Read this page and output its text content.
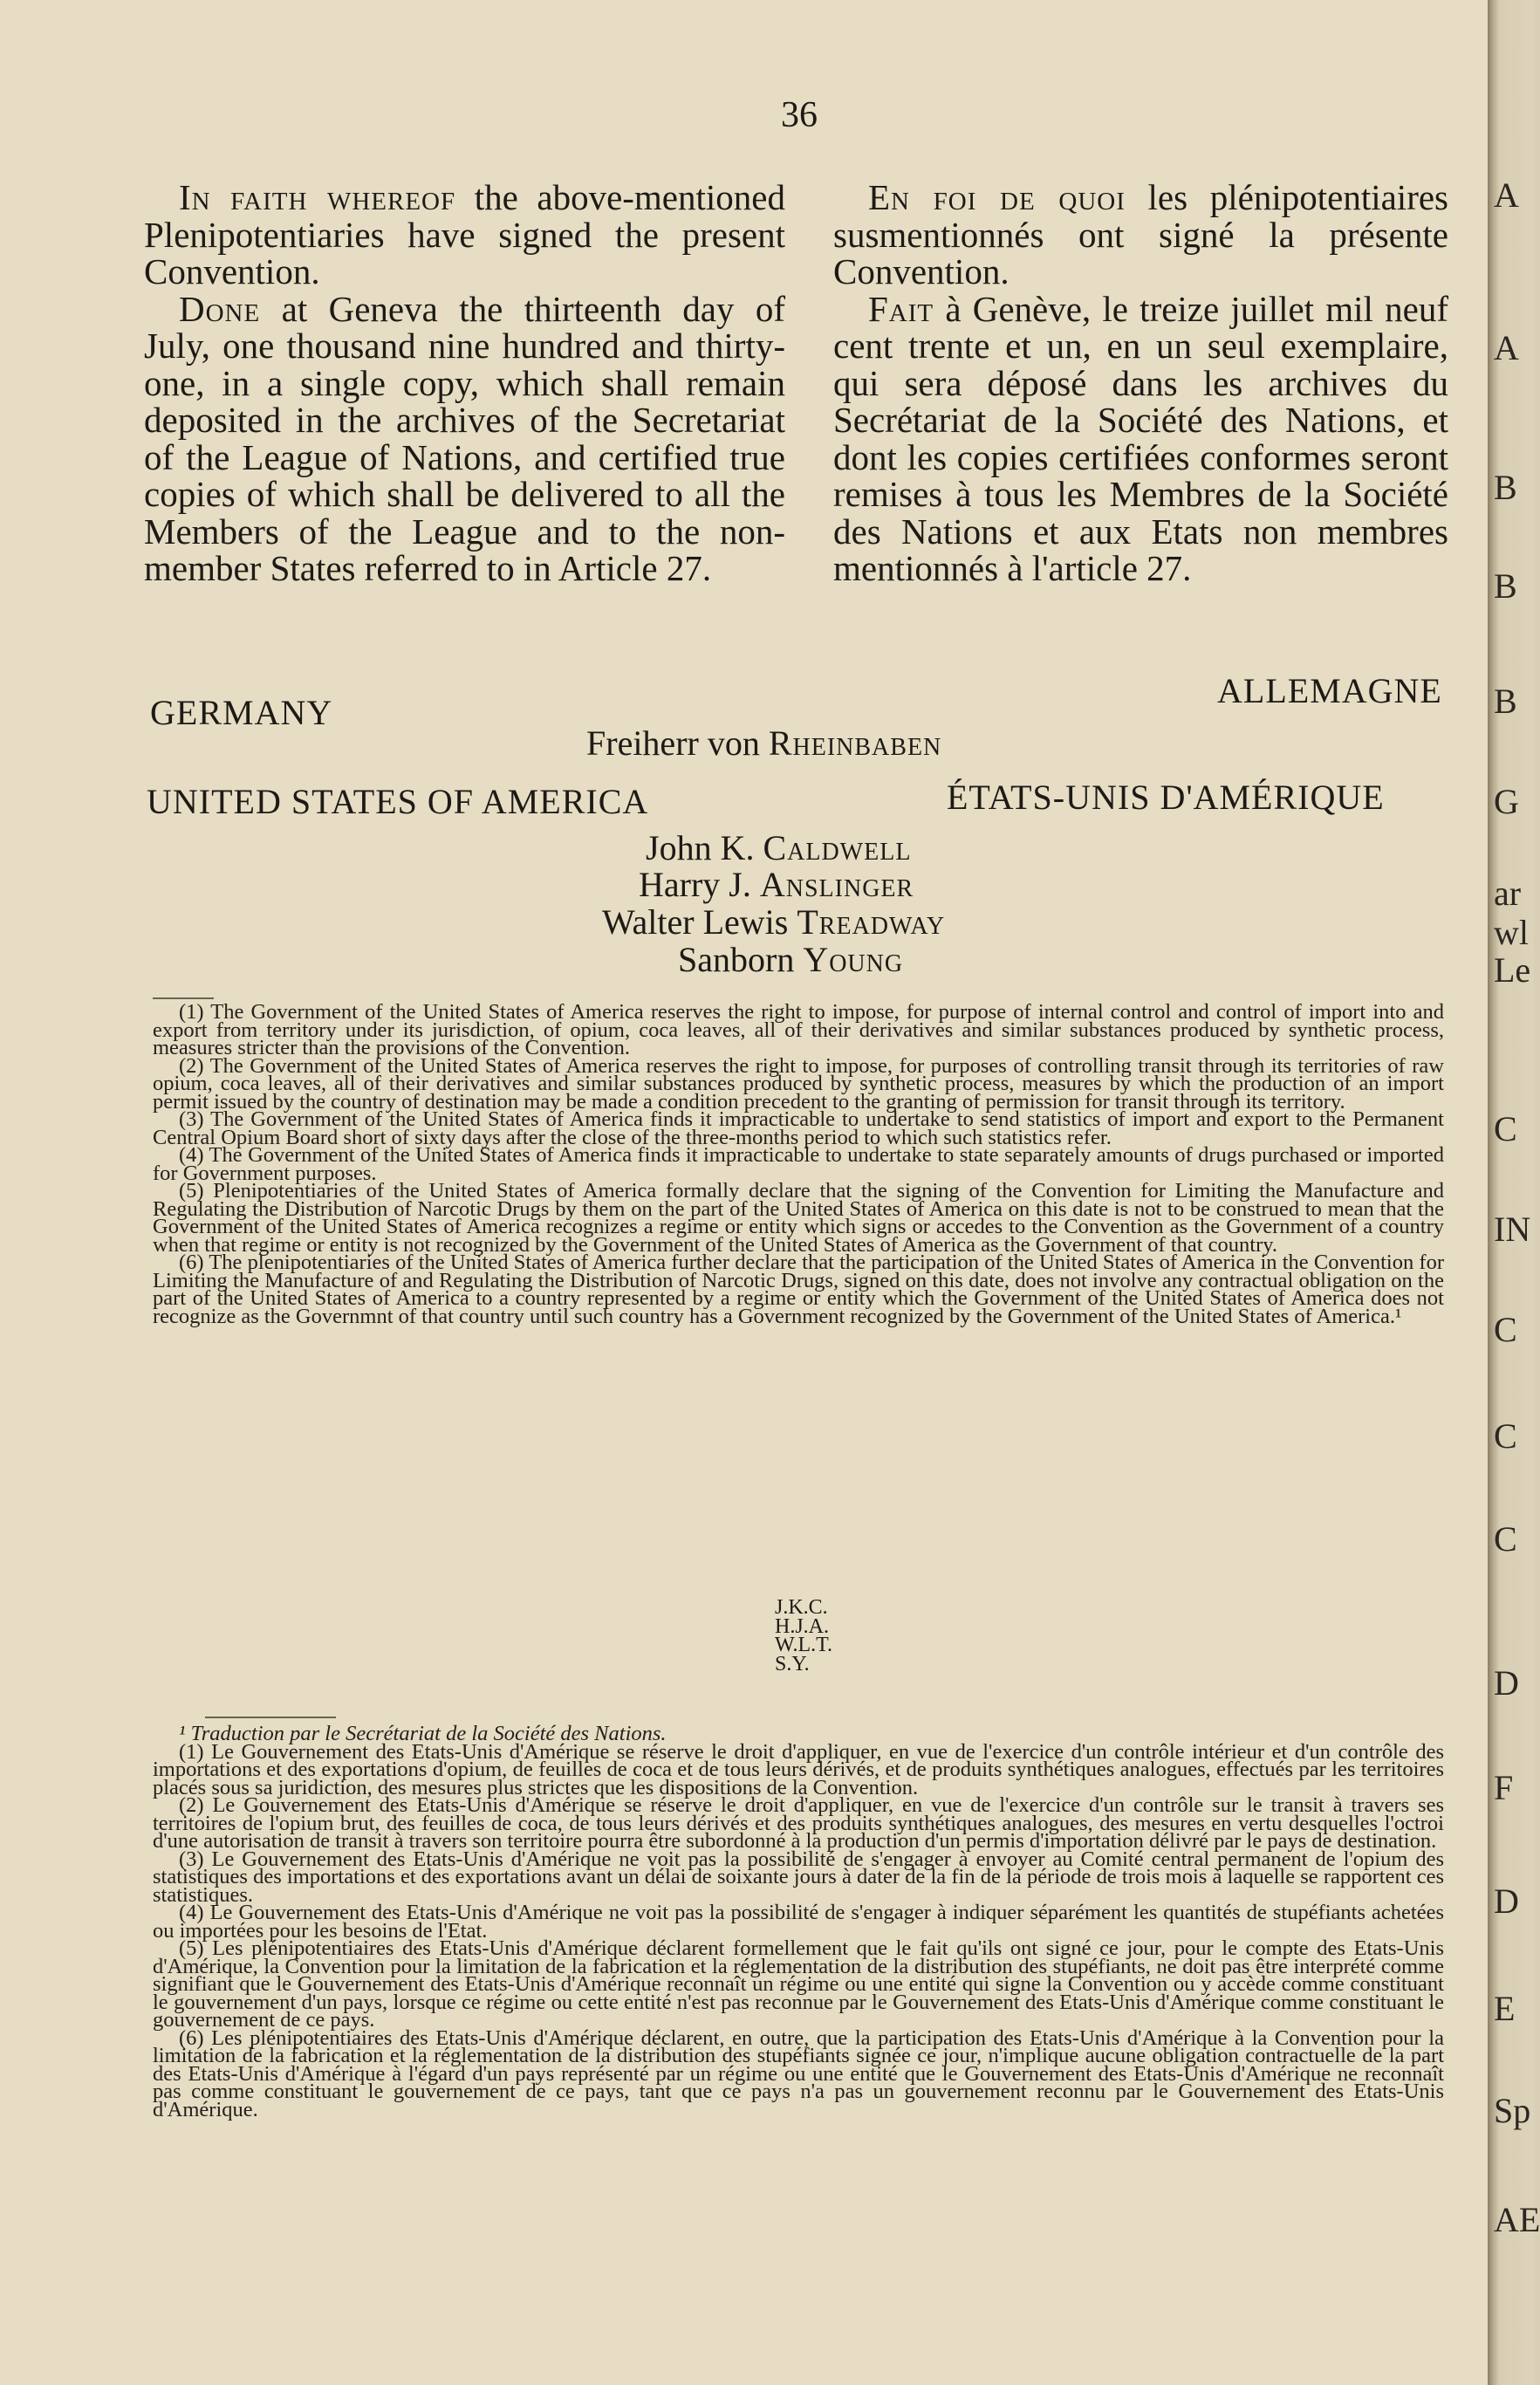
36

In faith whereof the above-mentioned Plenipotentiaries have signed the present Convention.

Done at Geneva the thirteenth day of July, one thousand nine hundred and thirty-one, in a single copy, which shall remain deposited in the archives of the Secretariat of the League of Nations, and certified true copies of which shall be delivered to all the Members of the League and to the non-member States referred to in Article 27.

En foi de quoi les plénipotentiaires susmentionnés ont signé la présente Convention.

Fait à Genève, le treize juillet mil neuf cent trente et un, en un seul exemplaire, qui sera déposé dans les archives du Secrétariat de la Société des Nations, et dont les copies certifiées conformes seront remises à tous les Membres de la Société des Nations et aux Etats non membres mentionnés à l'article 27.

GERMANY
ALLEMAGNE
Freiherr von Rheinbaben
UNITED STATES OF AMERICA	ÉTATS-UNIS D'AMÉRIQUE
John K. Caldwell
Harry J. Anslinger
Walter Lewis Treadway
Sanborn Young

(1) The Government of the United States of America reserves the right to impose, for purpose of internal control and control of import into and export from territory under its jurisdiction, of opium, coca leaves, all of their derivatives and similar substances produced by synthetic process, measures stricter than the provisions of the Convention.

(2) The Government of the United States of America reserves the right to impose, for purposes of controlling transit through its territories of raw opium, coca leaves, all of their derivatives and similar substances produced by synthetic process, measures by which the production of an import permit issued by the country of destination may be made a condition precedent to the granting of permission for transit through its territory.

(3) The Government of the United States of America finds it impracticable to undertake to send statistics of import and export to the Permanent Central Opium Board short of sixty days after the close of the three-months period to which such statistics refer.

(4) The Government of the United States of America finds it impracticable to undertake to state separately amounts of drugs purchased or imported for Government purposes.

(5) Plenipotentiaries of the United States of America formally declare that the signing of the Convention for Limiting the Manufacture and Regulating the Distribution of Narcotic Drugs by them on the part of the United States of America on this date is not to be construed to mean that the Government of the United States of America recognizes a regime or entity which signs or accedes to the Convention as the Government of a country when that regime or entity is not recognized by the Government of the United States of America as the Government of that country.

(6) The plenipotentiaries of the United States of America further declare that the participation of the United States of America in the Convention for Limiting the Manufacture of and Regulating the Distribution of Narcotic Drugs, signed on this date, does not involve any contractual obligation on the part of the United States of America to a country represented by a regime or entity which the Government of the United States of America does not recognize as the Governmnt of that country until such country has a Government recognized by the Government of the United States of America.¹

J.K.C.
H.J.A.
W.L.T.
S.Y.

¹ Traduction par le Secrétariat de la Société des Nations.

(1) Le Gouvernement des Etats-Unis d'Amérique se réserve le droit d'appliquer, en vue de l'exercice d'un contrôle intérieur et d'un contrôle des importations et des exportations d'opium, de feuilles de coca et de tous leurs dérivés, et de produits synthétiques analogues, effectués par les territoires placés sous sa juridiction, des mesures plus strictes que les dispositions de la Convention.

(2) Le Gouvernement des Etats-Unis d'Amérique se réserve le droit d'appliquer, en vue de l'exercice d'un contrôle sur le transit à travers ses territoires de l'opium brut, des feuilles de coca, de tous leurs dérivés et des produits synthétiques analogues, des mesures en vertu desquelles l'octroi d'une autorisation de transit à travers son territoire pourra être subordonné à la production d'un permis d'importation délivré par le pays de destination.

(3) Le Gouvernement des Etats-Unis d'Amérique ne voit pas la possibilité de s'engager à envoyer au Comité central permanent de l'opium des statistiques des importations et des exportations avant un délai de soixante jours à dater de la fin de la période de trois mois à laquelle se rapportent ces statistiques.

(4) Le Gouvernement des Etats-Unis d'Amérique ne voit pas la possibilité de s'engager à indiquer séparément les quantités de stupéfiants achetées ou importées pour les besoins de l'Etat.

(5) Les plénipotentiaires des Etats-Unis d'Amérique déclarent formellement que le fait qu'ils ont signé ce jour, pour le compte des Etats-Unis d'Amérique, la Convention pour la limitation de la fabrication et la réglementation de la distribution des stupéfiants, ne doit pas être interprété comme signifiant que le Gouvernement des Etats-Unis d'Amérique reconnaît un régime ou une entité qui signe la Convention ou y accède comme constituant le gouvernement d'un pays, lorsque ce régime ou cette entité n'est pas reconnue par le Gouvernement des Etats-Unis d'Amérique comme constituant le gouvernement de ce pays.

(6) Les plénipotentiaires des Etats-Unis d'Amérique déclarent, en outre, que la participation des Etats-Unis d'Amérique à la Convention pour la limitation de la fabrication et la réglementation de la distribution des stupéfiants signée ce jour, n'implique aucune obligation contractuelle de la part des Etats-Unis d'Amérique à l'égard d'un pays représenté par un régime ou une entité que le Gouvernement des Etats-Unis d'Amérique ne reconnaît pas comme constituant le gouvernement de ce pays, tant que ce pays n'a pas un gouvernement reconnu par le Gouvernement des Etats-Unis d'Amérique.

A
A
B
B
B
G
ar
wl
Le
C
IN
C
C
C
D
F
D
E
Sp
AE
